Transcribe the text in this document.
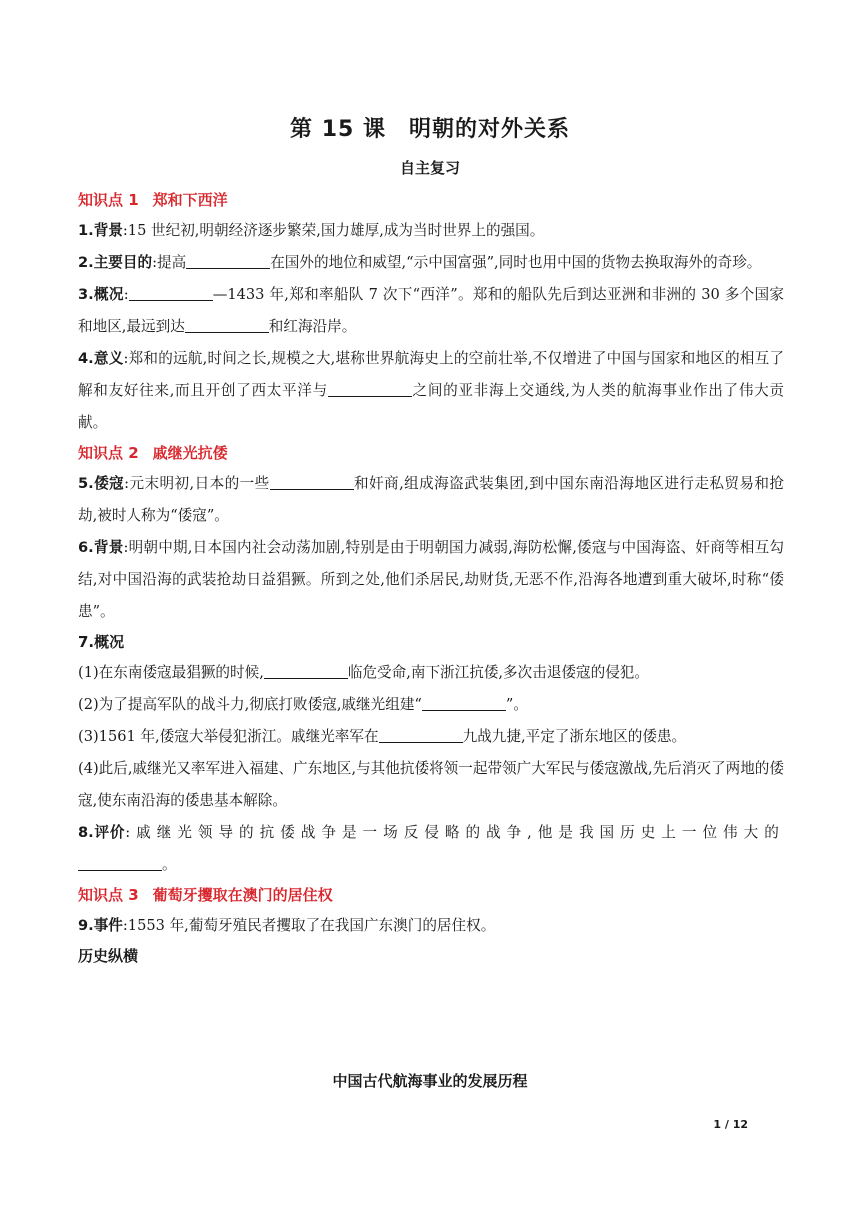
第 15 课　明朝的对外关系
自主复习
知识点 1 郑和下西洋
1.背景:15 世纪初,明朝经济逐步繁荣,国力雄厚,成为当时世界上的强国。
2.主要目的:提高	在国外的地位和威望,“示中国富强”,同时也用中国的货物去换取海外的奇珍。
3.概况:	—1433 年,郑和率船队 7 次下“西洋”。郑和的船队先后到达亚洲和非洲的 30 多个国家和地区,最远到达	和红海沿岸。
4.意义:郑和的远航,时间之长,规模之大,堪称世界航海史上的空前壮举,不仅增进了中国与国家和地区的相互了解和友好往来,而且开创了西太平洋与	之间的亚非海上交通线,为人类的航海事业作出了伟大贡献。
知识点 2 戚继光抗倭
5.倭寇:元末明初,日本的一些	和奸商,组成海盗武装集团,到中国东南沿海地区进行走私贸易和抢劫,被时人称为“倭寇”。
6.背景:明朝中期,日本国内社会动荡加剧,特别是由于明朝国力减弱,海防松懈,倭寇与中国海盗、奸商等相互勾结,对中国沿海的武装抢劫日益猖獗。所到之处,他们杀居民,劫财货,无恶不作,沿海各地遭到重大破坏,时称“倭患”。
7.概况
(1)在东南倭寇最猖獗的时候,	临危受命,南下浙江抗倭,多次击退倭寇的侵犯。
(2)为了提高军队的战斗力,彻底打败倭寇,戚继光组建“	”。
(3)1561 年,倭寇大举侵犯浙江。戚继光率军在	九战九捷,平定了浙东地区的倭患。
(4)此后,戚继光又率军进入福建、广东地区,与其他抗倭将领一起带领广大军民与倭寇激战,先后消灭了两地的倭寇,使东南沿海的倭患基本解除。
8.评价:戚继光领导的抗倭战争是一场反侵略的战争,他是我国历史上一位伟大的。
知识点 3 葡萄牙攫取在澳门的居住权
9.事件:1553 年,葡萄牙殖民者攫取了在我国广东澳门的居住权。
历史纵横
中国古代航海事业的发展历程
1 / 12
